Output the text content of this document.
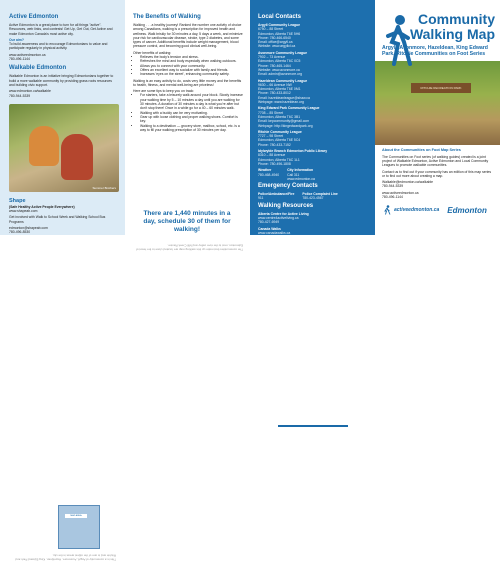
Active Edmonton
Active Edmonton is a great place to turn for all things "active". Resources, web links, and contests! Get Up, Get Out, Get Active and make Edmonton Canada's most active city.
Our aim?
To build awareness and to encourage Edmontonians to value and participate regularly in physical activity.
www.activeedmonton.ca
780-496-1144
Walkable Edmonton
Walkable Edmonton is an initiative bringing Edmontonians together to build a more walkable community by providing grass roots resources and building civic support.
www.edmonton.ca/walkable
780-944-5339
Summer Brothers
Shape
(Safe Healthy Active People Everywhere)
www.shapeab.com
Get involved with Walk to School Week and Walking School Bus Programs
edmonton@shapeab.com
780-496-8530
MAP AREA
This is a community of Argyll, Avonmore, Hazeldean, King Edward Park and Ritchie and is one of the oldest areas in the city.
The Benefits of Walking
Walking . . . a healthy journey! Ranked the number one activity of choice among Canadians, walking is a prescription for improved health and wellness. Walk briskly for 30 minutes a day, 5 days a week, and minimize your risk for cardiovascular disease, stroke, type 2 diabetes, and some types of cancer. Additional benefits include weight management, blood pressure control, and becoming good clinical well-being.
Other benefits of walking:
• Relieves the body's tension and stress.
• Refreshes the mind and body especially when walking outdoors.
• Allows you to connect with your community.
• Offers an excellent way to socialize with family and friends.
• Increases 'eyes on the street', enhancing community safety.
Walking is an easy activity to do, costs very little money and the benefits to health, fitness, and mental well-being are priceless!
Here are some tips to keep you on track:
• For starters, take a leisurely walk around your block. Slowly increase your walking time by 5 – 10 minutes a day until you are walking for 30 minutes. A duration of 30 minutes a day is what you're after but don't stop there! Once in a while go for a 40 – 60 minutes walk.
• Walking with a buddy can be very motivating.
• Gear up with loose clothing and proper walking shoes. Comfort is key.
• Walking to a destination — grocery store, mailbox, school, etc. is a way to fill your walking prescription of 30 minutes per day.
There are 1,440 minutes in a day, schedule 30 of them for walking!
The communities that make up this walking map are located close to the heart of Edmonton, next to the river valley and Mill Creek Ravine.
Local Contacts
Argyll Community League
6750 – 88 Street
Edmonton, Alberta T6E 5H6
Phone: 780-466-6540
Email: office@argyll.ca
Website: www.argyllcl.ca
Avonmore Community League
7902 – 73 Avenue
Edmonton, Alberta T6C 0C5
Phone: 780-465-1464
Website: www.avonmore.ca
Email: admin@avonmore.org
Hazeldean Community League
9630 – 66 Avenue NW
Edmonton, Alberta T6E 0M1
Phone: 780-433-8012
Email: hazeldeanleague@shaw.ca
Webpage: www.hazeldean.org
King Edward Park Community League
7708 – 85 Street
Edmonton, Alberta T6C 3B1
Email: kepcommunity@gmail.com
Webpage: http://kingedwardpark.org
Ritchie Community League
7727 – 98 Street
Edmonton, Alberta T6E 5C4
Phone: 780-433-7152
Idylwylde Branch Edmonton Public Library
8310 – 88 Avenue
Edmonton, Alberta T6C 1L1
Phone: 780-496-1808
Weather
780-468-4940
City Information
Call 311
www.edmonton.ca
Emergency Contacts
Police/Ambulance/Fire
911
Police Complaint Line
780-423-4567
Walking Resources
Alberta Centre for Active Living
www.centre4activeliving.ca
780-427-6949
Canada Walks
www.canadawalks.ca
Community
Walking Map
Argyll, Avonmore, Hazeldean, King Edward Park, Ritchie Communities on Foot Series
RITCHIE RECREATION PARK
About the Communities on Foot Map Series
The Communities on Foot series (of walking guides) created is a joint project of Walkable Edmonton, Active Edmonton and Local Community Leagues to promote walkable communities.
Contact us to find out if your community has an edition of this map series or to find out more about creating a map.
Walkable@edmonton.ca/walkable
780-944-5339
www.activeedmonton.ca
780-496-1144
activeedmonton.ca Edmonton
activeedmonton.ca Edmonton
